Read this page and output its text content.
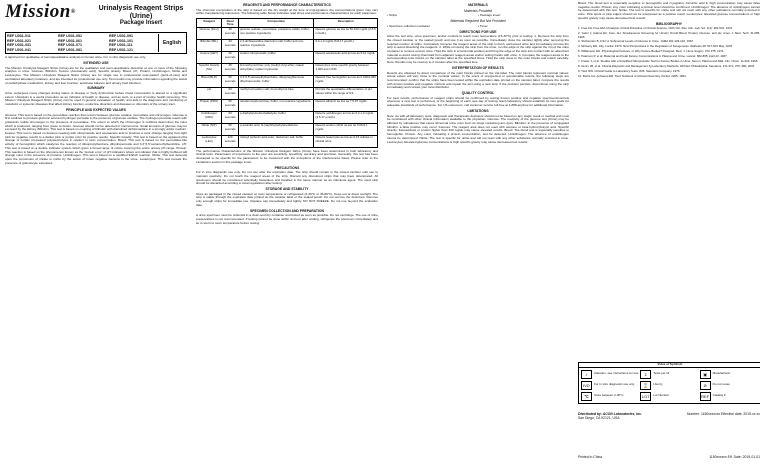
Mission®	Urinalysis Reagent Strips (Urine)
Package Insert
REF U031-011
REF U031-021
REF U031-031
REF U031-041
REF U031-051
REF U031-061
REF U031-071
REF U031-081
REF U031-091
REF U031-101
REF U031-111
REF U031-121
English

A rapid test for qualitative of (semi)quantitative analysis in human urine. For in vitro diagnostic use only.

INTENDED USE

The Mission Urinalysis Reagent Strips (Urine) are for the qualitative and semi-quantitative detection of one or more of the following analytes in urine: Glucose, Bilirubin, Ketone (Acetoacetic acid), Specific Gravity, Blood, pH, Protein, Urobilinogen, Nitrite and Leukocytes. The Mission Urinalysis Reagent Strips (Urine) are for single use in professional near-patient (point-of-care) and centralized laboratory locations, and are intended for professional use only. Test results may provide information regarding the status of carbohydrate metabolism, kidney and liver function, acid-base balance and urinary tract infection.

SUMMARY

Urine undergoes many changes during states of disease or body dysfunction before blood composition is altered to a significant extent. Urinalysis is a useful procedure as an indicator of health or disease, and as such, is a part of routine health screening. The Mission Urinalysis Reagent Strips (Urine) can be used in general evaluation of health, and aids in the diagnosis and monitoring of metabolic or systemic diseases that affect kidney function, endocrine disorders and diseases or disorders of the urinary tract.

PRINCIPLE AND EXPECTED VALUES

Glucose: This test is based on the peroxidase reaction that occurs between glucose oxidase, peroxidase and chromogen. Glucose is first oxidized to produce gluconic acid and hydrogen peroxide in the presence of glucose oxidase. The hydrogen peroxide reacts with potassium iodide chromogen in the presence of peroxidase. The extent to which the chromogen is oxidized determines the color which is produced, ranging from green to brown. Glucose should not be detected in normal urine. Small amounts of glucose may be excreted by the kidney. Bilirubin: This test is based on coupling of bilirubin with diazotized dichloroaniline in a strongly acidic medium. Ketone: This test is based on ketones reacting with nitroprusside and acetoacetic acid to produce a color change ranging from light pink for negative results to a darker pink or purple color for positive results. Specific Gravity: This test is based on the apparent pKa change of certain pretreated polyelectrolytes in relation to ionic concentration. Blood: This test is based on the peroxidase-like activity of hemoglobin which catalyzes the reaction of diisopropylbenzene dihydroperoxide and 3,3',5,5'-tetramethylbenzidine. pH: This test is based on a double indicator system which gives a broad range of colors covering the entire urinary pH range. Protein: This reaction is based on the phenomenon known as the 'protein error' of pH indicators where an indicator that is highly buffered will change color in the presence of proteins. Urobilinogen: This test is based on a modified Ehrlich reaction. Nitrite: This test depends upon the conversion of nitrate to nitrite by the action of Gram negative bacteria in the urine. Leukocytes: This test reveals the presence of granulocyte esterases.

REAGENTS AND PERFORMANCE CHARACTERISTICS

The chemical composition of the strip is based on the dry weight at the time of impregnation; the concentrations given may vary within manufacturing tolerances. The following table below indicates read times and performance characteristics for each parameter.

Reagent	Read Time	Composition	Description
Glucose (GLU)	30 seconds	glucose oxidase; peroxidase; potassium iodide; buffer; non-reactive ingredients	Detects glucose as low as 50-100 mg/dL (2.5-5 mmol/L).
Bilirubin (BIL)	30 seconds	2,4-dichloroaniline diazonium salt; buffer and non-reactive ingredients	0.4-1.0 mg/dL (6.8-17 µmol/L).
Ketone (KET)	40 seconds	sodium nitroprusside; buffer	Detects acetoacetic acid as low as 5-10 mg/dL.
Specific Gravity (SG)	45 seconds	bromothymol blue; poly (methyl vinyl ether, maleic anhydride); sodium hydroxide	Determines urine specific gravity between 1.000 and 1.030.
Blood (BLD)	60 seconds	3,3',5,5'-tetramethylbenzidine; diisopropylbenzene dihydroperoxide; buffer	Detects free hemoglobin as low as 0.018-0.060 mg/dL.
pH	60 seconds	methyl red sodium salt; bromothymol blue	Permits the quantitative differentiation of pH values within the range of 5-9.
Protein (PRO)	60 seconds	tetrabromophenol blue; buffer; non-reactive ingredients	Detects albumin as low as 7.5-15 mg/dL.
Urobilinogen (URO)	60 seconds	p-diethylaminobenzaldehyde; buffer	Detects urobilinogen as low as 0.2-1.0 mg/dL (3.5-17 µmol/L).
Nitrite (NIT)	60 seconds	p-arsanilic acid; N-(naphthyl)ethylenediamine	Detects sodium nitrite as low as 0.05-0.1 mg/dL.
Leukocytes (LEU)	120 seconds	indoxyl carbonic acid ester; diazonium salt; buffer	Detects leukocytes as low as 9-15 cells/µL in clinical urine.

The performance characteristics of the Mission Urinalysis Reagent Strips (Urine) have been determined in both laboratory and clinical tests. Parameters of importance to the user are sensitivity, specificity, accuracy and precision. Generally, this test has been developed to be specific for the parameters to be measured with the exceptions of the interferences listed. Please refer to the Limitations section in this package insert.

PRECAUTIONS

For in vitro diagnostic use only. Do not use after the expiration date. The strip should remain in the closed canister until use to maintain reactivity. Do not touch the reagent areas of the strip. Discard any discolored strips that may have deteriorated. All specimens should be considered potentially hazardous and handled in the same manner as an infectious agent. The used strip should be discarded according to local regulations after testing.

STORAGE AND STABILITY

Store as packaged in the closed canister at room temperature or refrigerated (2-30°C or 36-86°F). Keep out of direct sunlight. The strip is stable through the expiration date printed on the canister label or the sealed pouch. Do not remove the desiccant. Remove only enough strips for immediate use. Replace cap immediately and tightly. DO NOT FREEZE. Do not use beyond the expiration date.

SPECIMEN COLLECTION AND PREPARATION

A urine specimen must be collected in a clean and dry container and tested as soon as possible. Do not centrifuge. The use of urine preservatives is not recommended. If testing cannot be done within an hour after voiding, refrigerate the specimen immediately and let it return to room temperature before testing.

MATERIALS
Materials Provided
• Strips	• Package insert
Materials Required But Not Provided
• Specimen collection container	• Timer
DIRECTIONS FOR USE

Allow the test strip, urine specimen, and/or controls to reach room temperature (15-30°C) prior to testing. 1. Remove the strip from the closed canister or the sealed pouch and use it as soon as possible. Immediately close the canister tightly after removing the required number of strips. Completely immerse the reagent areas of the strip in fresh, well-mixed urine and immediately remove the strip to avoid dissolving the reagents. 2. While removing the strip from the urine, run the edge of the strip against the rim of the urine container to remove excess urine. Hold the strip in a horizontal position and bring the edge of the strip into contact with an absorbent material to avoid mixing chemicals from adjacent reagent areas and/or soiling hands with urine. 3. Compare the reagent areas to the corresponding color blocks on the canister label at the specified times. Hold the strip close to the color blocks and match carefully. Note: Results may be read up to 2 minutes after the specified time.

INTERPRETATION OF RESULTS

Results are obtained by direct comparison of the color blocks printed on the vial label. The color blocks represent nominal values; actual values will vary close to the nominal values. In the event of unexpected or questionable results, the following steps are recommended: confirm that the strips have been tested within the expiration date printed on the canister label, compare the results with known positive and negative controls and repeat the test using a new strip. If the problem persists, discontinue using the strip immediately and contact your local distributor.

QUALITY CONTROL

For best results, performance of reagent strips should be confirmed by testing known positive and negative specimens/controls whenever a new test is performed, or the beginning of each new day of testing. Each laboratory should establish its own goals for adequate standards of performance. For US customers, call customer service toll-free at 1-888-anytime for additional information.

LIMITATIONS

Note: As with all laboratory tests, diagnostic and therapeutic decisions should not be based on any single result or method and must be considered with other clinical information available to the physician. Glucose: The reactivity of the glucose test (Urine) may be affected by substances that cause abnormal urine color such as drugs containing azo dyes. Bilirubin: In the presence of conjugated bilirubin, a false positive may occur. Ketones: The reagent area does not react with acetone or beta-hydroxybutyric acid. Specific Gravity: Ketoacidosis or protein higher than 300 mg/dL may cause elevated results. Blood: The blood test is especially sensitive to hemoglobin. Protein: Any color, indicating a protein concentration, test be detected. Urobilinogen: The absence of urobilinogen cannot be determined. Nitrite: The test is specific for nitrite and will not react with any other substance normally excreted in urine. Leukocytes: Elevated glucose concentrations or high specific gravity may cause decreased test results.

Blood: The blood test is especially sensitive to hemoglobin and myoglobin. Ascorbic acid in high concentration may cause false negative results. Protein: Any color indicating a protein level should be confirmed. Urobilinogen: The absence of urobilinogen cannot be determined with this test. Nitrite: The test is specific for nitrite and will not react with any other substance normally excreted in urine. Pink spots or pink edges should not be interpreted as a positive result. Leukocytes: Elevated glucose concentrations or high specific gravity may cause decreased test results.

BIBLIOGRAPHY

1. Free AH. Free HM. Urinalysis: Critical Discipline of Clinical Science. CRC Crit. Rev. Clin. Lab. Sci. 3(4): 481-531, 1972.

2. Yoder J, Adams EC, Free, AH. Simultaneous Screening for Urinary Occult Blood, Protein, Glucose, and pH. Amer. J. Med. Tech. 31:285, 1965.

3. Shchersten B, Fritz H. Subnormal Levels of Glucose in Urine. JAMA 201:129-132, 1967.

4. McGarry ED, Lilly, Lockie. 1970. New Perspectives in the Regulation of Ketogenesis. Diabetes 28: 517-523 May, 1978.

5. Williamson DH. Physiological Ketoses, or Why Ketone Bodies? Postgrad. Med. J. (June Suppl.): 372-375, 1971.

6. Paterson P, et al. Maternal and Fetal Ketone Concentrations in Plasma and Urine. Lancet: 862-865; April 22, 1967.

7. Fraser J, et al. Studies with a Simplified Nitroprusside Test for Ketone Bodies in Urine, Serum, Plasma and Milk. Clin. Chem. 11:420, 1965.

8. Henry JB, et al. Clinical Diagnosis and Management by Laboratory Methods, 20th Ed. Philadelphia. Saunders. 371-372, 375, 380, 2001.

9. Tietz NW. Clinical Guide to Laboratory Tests. W.B. Saunders Company. 1976.

10. Burtis CA, Ashwood ER. Tietz Textbook of Clinical Chemistry 3rd Ed. 2205, 1994.

Index of Symbols
i	Attention, see instructions for use	Σ	Tests per kit	▣	Manufacturer
IVD	For in vitro diagnostic use only	⌛	Use by	⊘	Do not reuse
℃	Store between 2-30°C	LOT	Lot Number	REF	Catalog #
Distributed by: ACON Laboratories, Inc.
San Diego, CA 92121, USA
Number: 1150xxxxxxx Effective date: 2019-xx-xx
Printed in China	1150xxxxxx Eff. Date: 2019-01-01
